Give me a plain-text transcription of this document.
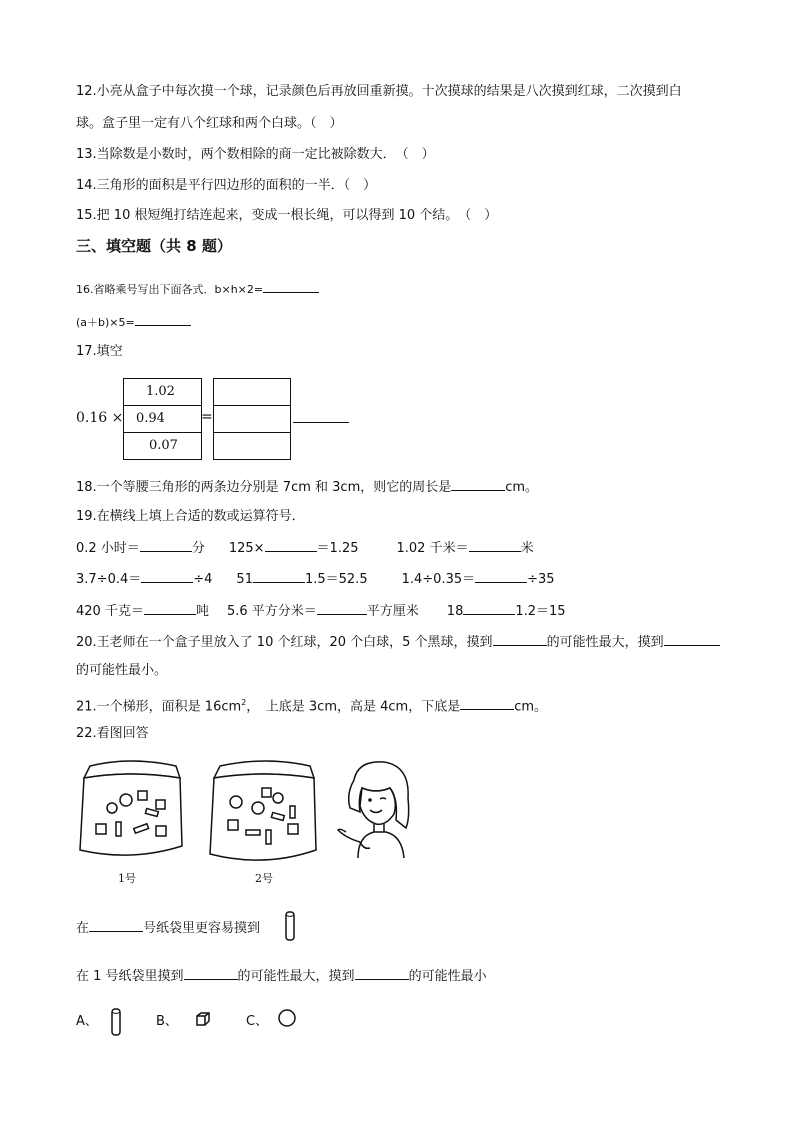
12.小亮从盒子中每次摸一个球，记录颜色后再放回重新摸。十次摸球的结果是八次摸到红球，二次摸到白
球。盒子里一定有八个红球和两个白球。（　）
13.当除数是小数时，两个数相除的商一定比被除数大．　（　）
14.三角形的面积是平行四边形的面积的一半．（　）
15.把 10 根短绳打结连起来，变成一根长绳，可以得到 10 个结。　（　）
三、填空题（共 8 题）
16.省略乘号写出下面各式．b×h×2=
(a＋b)×5=
17.填空
0.16 ×
1.02
0.94
0.07
=
18.一个等腰三角形的两条边分别是 7cm 和 3cm，则它的周长是	cm。
19.在横线上填上合适的数或运算符号．
0.2 小时＝	分 125×	＝1.25	1.02 千米＝	米
3.7÷0.4＝	÷4 51	1.5＝52.5	1.4÷0.35＝	÷35
420 千克＝	吨 5.6 平方分米＝	平方厘米 18	1.2＝15
20.王老师在一个盒子里放入了 10 个红球，20 个白球，5 个黑球，摸到	的可能性最大，摸到
的可能性最小。
21.一个梯形，面积是 $16cm^2$，　上底是 3cm，高是 4cm，下底是	cm。
22.看图回答
1号	2号
在	号纸袋里更容易摸到
在 1 号纸袋里摸到	的可能性最大，摸到	的可能性最小
A、	B、	C、
